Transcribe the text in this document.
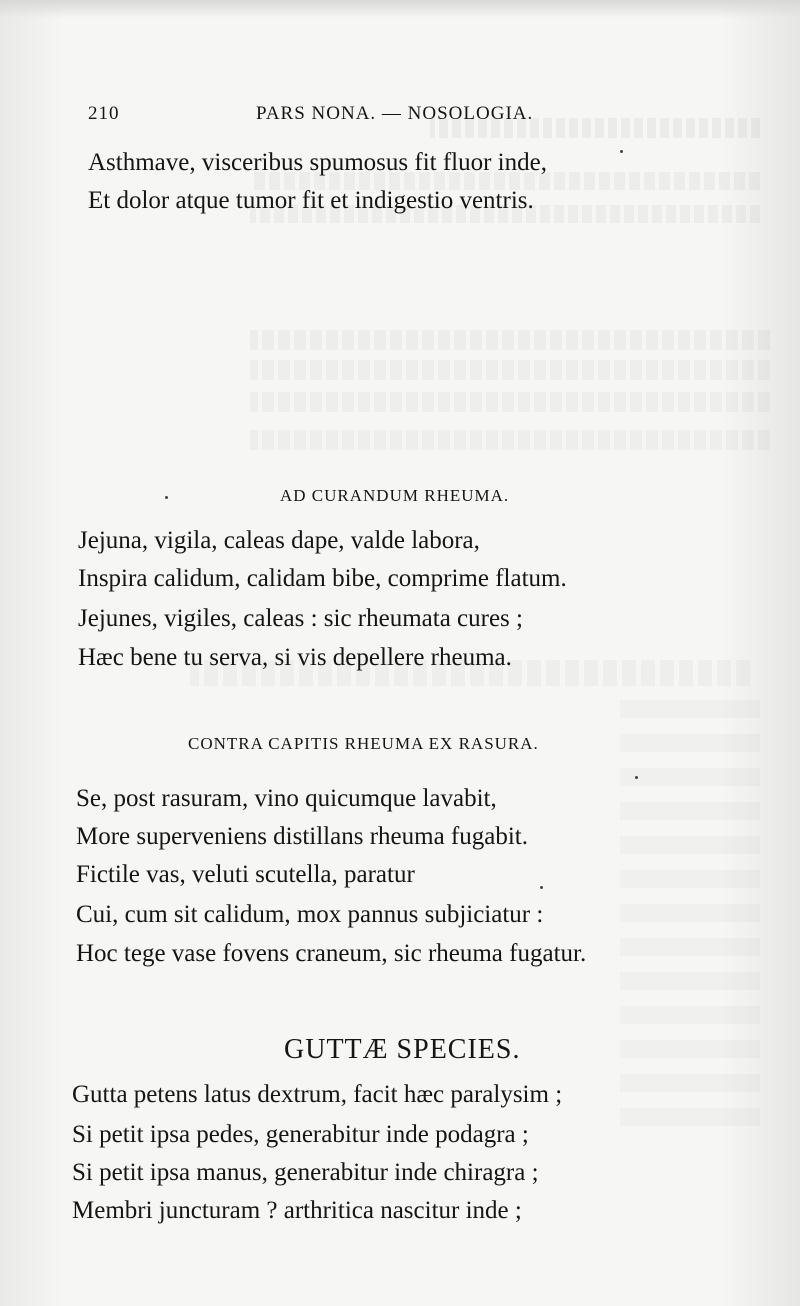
210	PARS NONA. — NOSOLOGIA.
Asthmave, visceribus spumosus fit fluor inde,
Et dolor atque tumor fit et indigestio ventris.
AD CURANDUM RHEUMA.
Jejuna, vigila, caleas dape, valde labora,
Inspira calidum, calidam bibe, comprime flatum.
Jejunes, vigiles, caleas : sic rheumata cures ;
Hæc bene tu serva, si vis depellere rheuma.
CONTRA CAPITIS RHEUMA EX RASURA.
Se, post rasuram, vino quicumque lavabit,
More superveniens distillans rheuma fugabit.
Fictile vas, veluti scutella, paratur
Cui, cum sit calidum, mox pannus subjiciatur :
Hoc tege vase fovens craneum, sic rheuma fugatur.
GUTTÆ SPECIES.
Gutta petens latus dextrum, facit hæc paralysim ;
Si petit ipsa pedes, generabitur inde podagra ;
Si petit ipsa manus, generabitur inde chiragra ;
Membri juncturam ? arthritica nascitur inde ;
